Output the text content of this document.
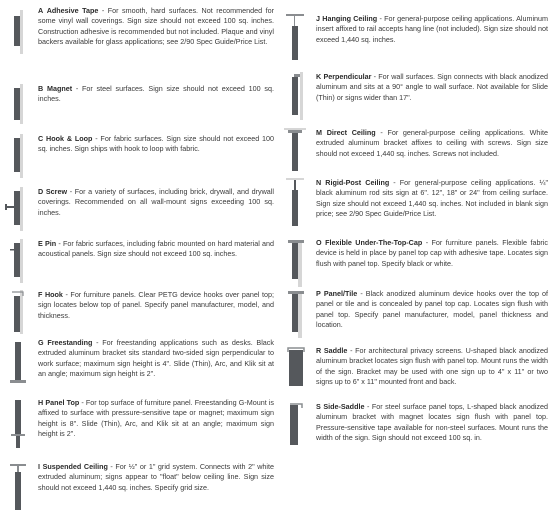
A Adhesive Tape - For smooth, hard surfaces. Not recommended for some vinyl wall coverings. Sign size should not exceed 100 sq. inches. Construction adhesive is recommended but not included. Plaque and vinyl backers available for glass applications; see 2/90 Spec Guide/Price List.

B Magnet - For steel surfaces. Sign size should not exceed 100 sq. inches.

C Hook & Loop - For fabric surfaces. Sign size should not exceed 100 sq. inches. Sign ships with hook to loop with fabric.

D Screw - For a variety of surfaces, including brick, drywall, and drywall coverings. Recommended on all wall-mount signs exceeding 100 sq. inches.

E Pin - For fabric surfaces, including fabric mounted on hard material and acoustical panels. Sign size should not exceed 100 sq. inches.

F Hook - For furniture panels. Clear PETG device hooks over panel top; sign locates below top of panel. Specify panel manufacturer, model, and thickness.

G Freestanding - For freestanding applications such as desks. Black extruded aluminum bracket sits standard two-sided sign perpendicular to work surface; maximum sign height is 4". Slide (Thin), Arc, and Klik sit at an angle; maximum sign height is 2".

H Panel Top - For top surface of furniture panel. Freestanding G-Mount is affixed to surface with pressure-sensitive tape or magnet; maximum sign height is 8". Slide (Thin), Arc, and Klik sit at an angle; maximum sign height is 2".

I Suspended Ceiling - For ½" or 1" grid system. Connects with 2" white extruded aluminum; signs appear to "float" below ceiling line. Sign size should not exceed 1,440 sq. inches. Specify grid size.

J Hanging Ceiling - For general-purpose ceiling applications. Aluminum insert affixed to rail accepts hang line (not included). Sign size should not exceed 1,440 sq. inches.

K Perpendicular - For wall surfaces. Sign connects with black anodized aluminum and sits at a 90° angle to wall surface. Not available for Slide (Thin) or signs wider than 17".

M Direct Ceiling - For general-purpose ceiling applications. White extruded aluminum bracket affixes to ceiling with screws. Sign size should not exceed 1,440 sq. inches. Screws not included.

N Rigid-Post Ceiling - For general-purpose ceiling applications. ¼" black aluminum rod sits sign at 6". 12", 18" or 24" from ceiling surface. Sign size should not exceed 1,440 sq. inches. Not included in blank sign price; see 2/90 Spec Guide/Price List.

O Flexible Under-The-Top-Cap - For furniture panels. Flexible fabric device is held in place by panel top cap with adhesive tape. Locates sign flush with panel top. Specify black or white.

P Panel/Tile - Black anodized aluminum device hooks over the top of panel or tile and is concealed by panel top cap. Locates sign flush with panel top. Specify panel manufacturer, model, panel thickness and location.

R Saddle - For architectural privacy screens. U-shaped black anodized aluminum bracket locates sign flush with panel top. Mount runs the width of the sign. Bracket may be used with one sign up to 4" x 11" or two signs up to 6" x 11" mounted front and back.

S Side-Saddle - For steel surface panel tops, L-shaped black anodized aluminum bracket with magnet locates sign flush with panel top. Pressure-sensitive tape available for non-steel surfaces. Mount runs the width of the sign. Sign should not exceed 100 sq. in.
